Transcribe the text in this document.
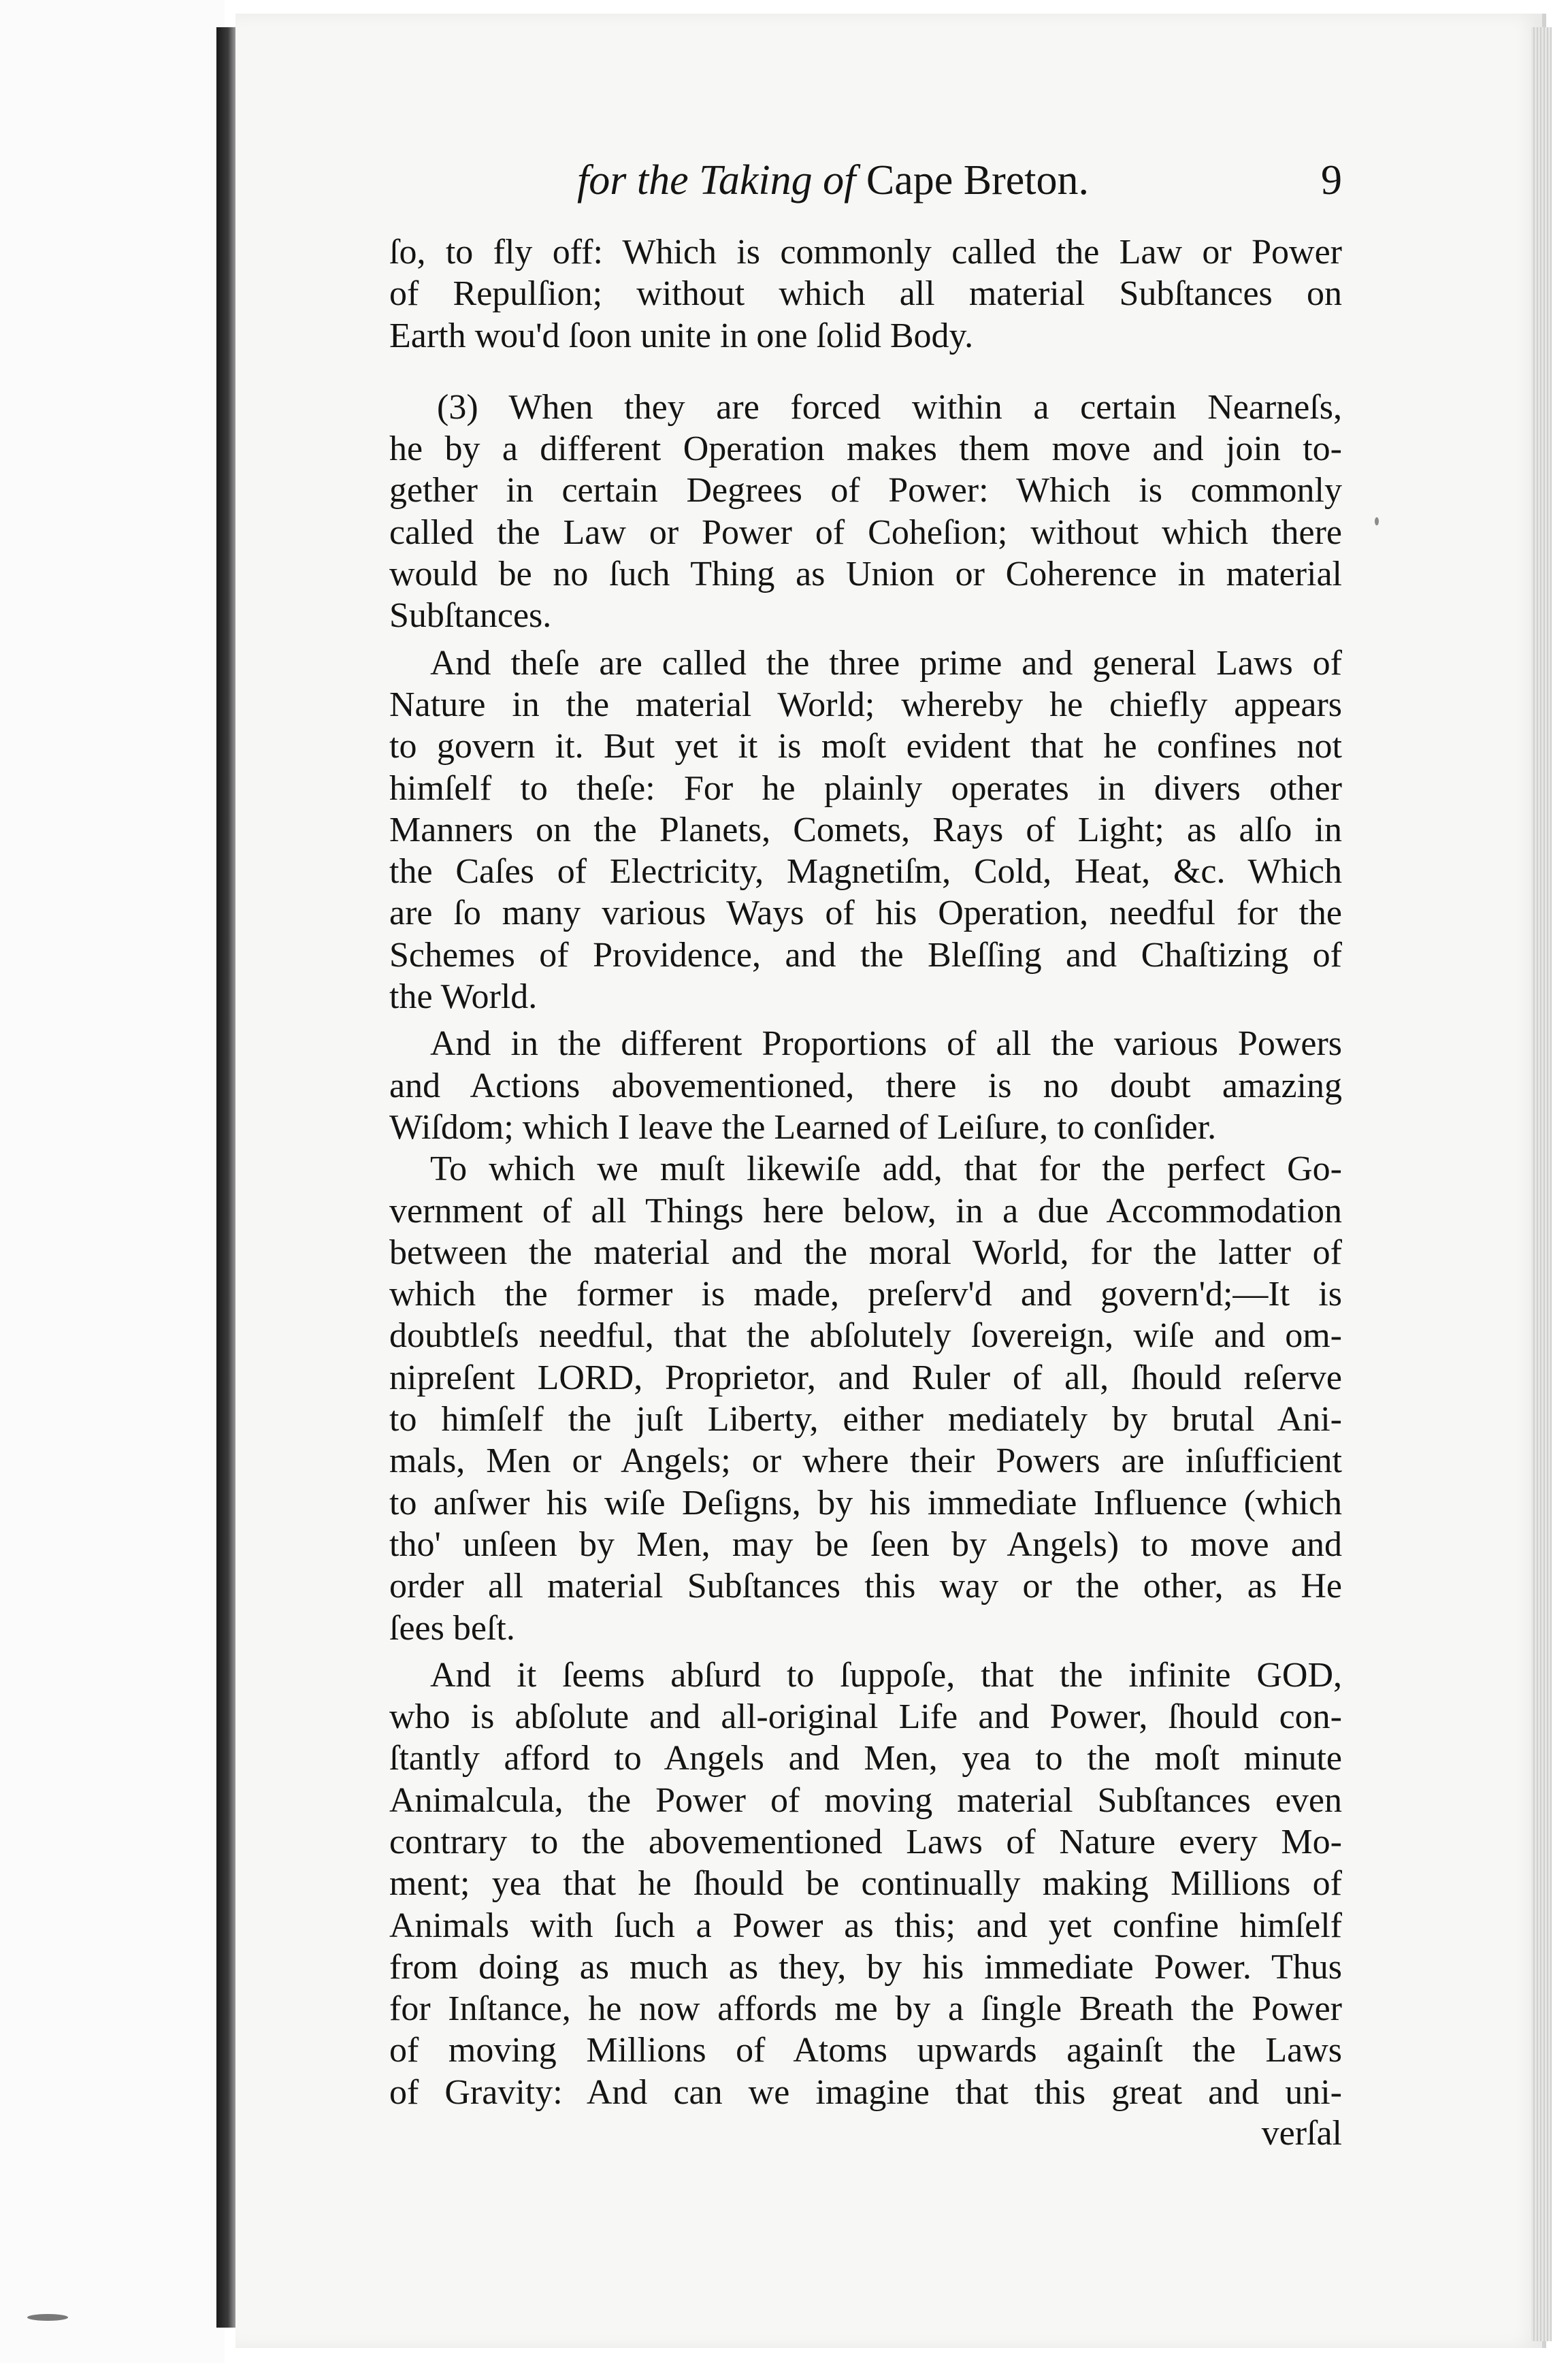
for the Taking of Cape Breton.	9
ſo, to fly off: Which is commonly called the Law or Power
of Repulſion; without which all material Subſtances on
Earth wou'd ſoon unite in one ſolid Body.
(3) When they are forced within a certain Nearneſs,
he by a different Operation makes them move and join to-
gether in certain Degrees of Power: Which is commonly
called the Law or Power of Coheſion; without which there
would be no ſuch Thing as Union or Coherence in material
Subſtances.
And theſe are called the three prime and general Laws of
Nature in the material World; whereby he chiefly appears
to govern it. But yet it is moſt evident that he confines not
himſelf to theſe: For he plainly operates in divers other
Manners on the Planets, Comets, Rays of Light; as alſo in
the Caſes of Electricity, Magnetiſm, Cold, Heat, &c. Which
are ſo many various Ways of his Operation, needful for the
Schemes of Providence, and the Bleſſing and Chaſtizing of
the World.
And in the different Proportions of all the various Powers
and Actions abovementioned, there is no doubt amazing
Wiſdom; which I leave the Learned of Leiſure, to conſider.
To which we muſt likewiſe add, that for the perfect Go-
vernment of all Things here below, in a due Accommodation
between the material and the moral World, for the latter of
which the former is made, preſerv'd and govern'd;—It is
doubtleſs needful, that the abſolutely ſovereign, wiſe and om-
nipreſent LORD, Proprietor, and Ruler of all, ſhould reſerve
to himſelf the juſt Liberty, either mediately by brutal Ani-
mals, Men or Angels; or where their Powers are inſufficient
to anſwer his wiſe Deſigns, by his immediate Influence (which
tho' unſeen by Men, may be ſeen by Angels) to move and
order all material Subſtances this way or the other, as He
ſees beſt.
And it ſeems abſurd to ſuppoſe, that the infinite GOD,
who is abſolute and all-original Life and Power, ſhould con-
ſtantly afford to Angels and Men, yea to the moſt minute
Animalcula, the Power of moving material Subſtances even
contrary to the abovementioned Laws of Nature every Mo-
ment; yea that he ſhould be continually making Millions of
Animals with ſuch a Power as this; and yet confine himſelf
from doing as much as they, by his immediate Power. Thus
for Inſtance, he now affords me by a ſingle Breath the Power
of moving Millions of Atoms upwards againſt the Laws
of Gravity: And can we imagine that this great and uni-
verſal
